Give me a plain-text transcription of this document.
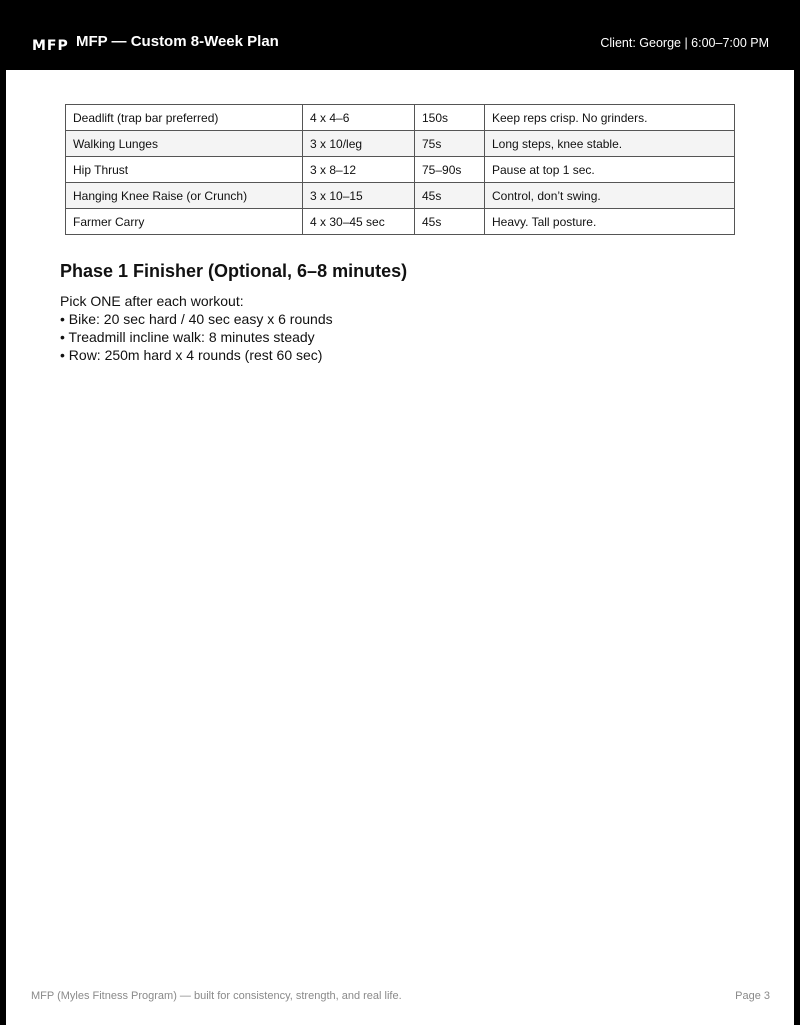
MFP MFP — Custom 8-Week Plan	Client: George | 6:00–7:00 PM
Deadlift (trap bar preferred)	4 x 4–6	150s	Keep reps crisp. No grinders.
Walking Lunges	3 x 10/leg	75s	Long steps, knee stable.
Hip Thrust	3 x 8–12	75–90s	Pause at top 1 sec.
Hanging Knee Raise (or Crunch)	3 x 10–15	45s	Control, don’t swing.
Farmer Carry	4 x 30–45 sec	45s	Heavy. Tall posture.
Phase 1 Finisher (Optional, 6–8 minutes)
Pick ONE after each workout:
• Bike: 20 sec hard / 40 sec easy x 6 rounds
• Treadmill incline walk: 8 minutes steady
• Row: 250m hard x 4 rounds (rest 60 sec)
MFP (Myles Fitness Program) — built for consistency, strength, and real life.	Page 3
